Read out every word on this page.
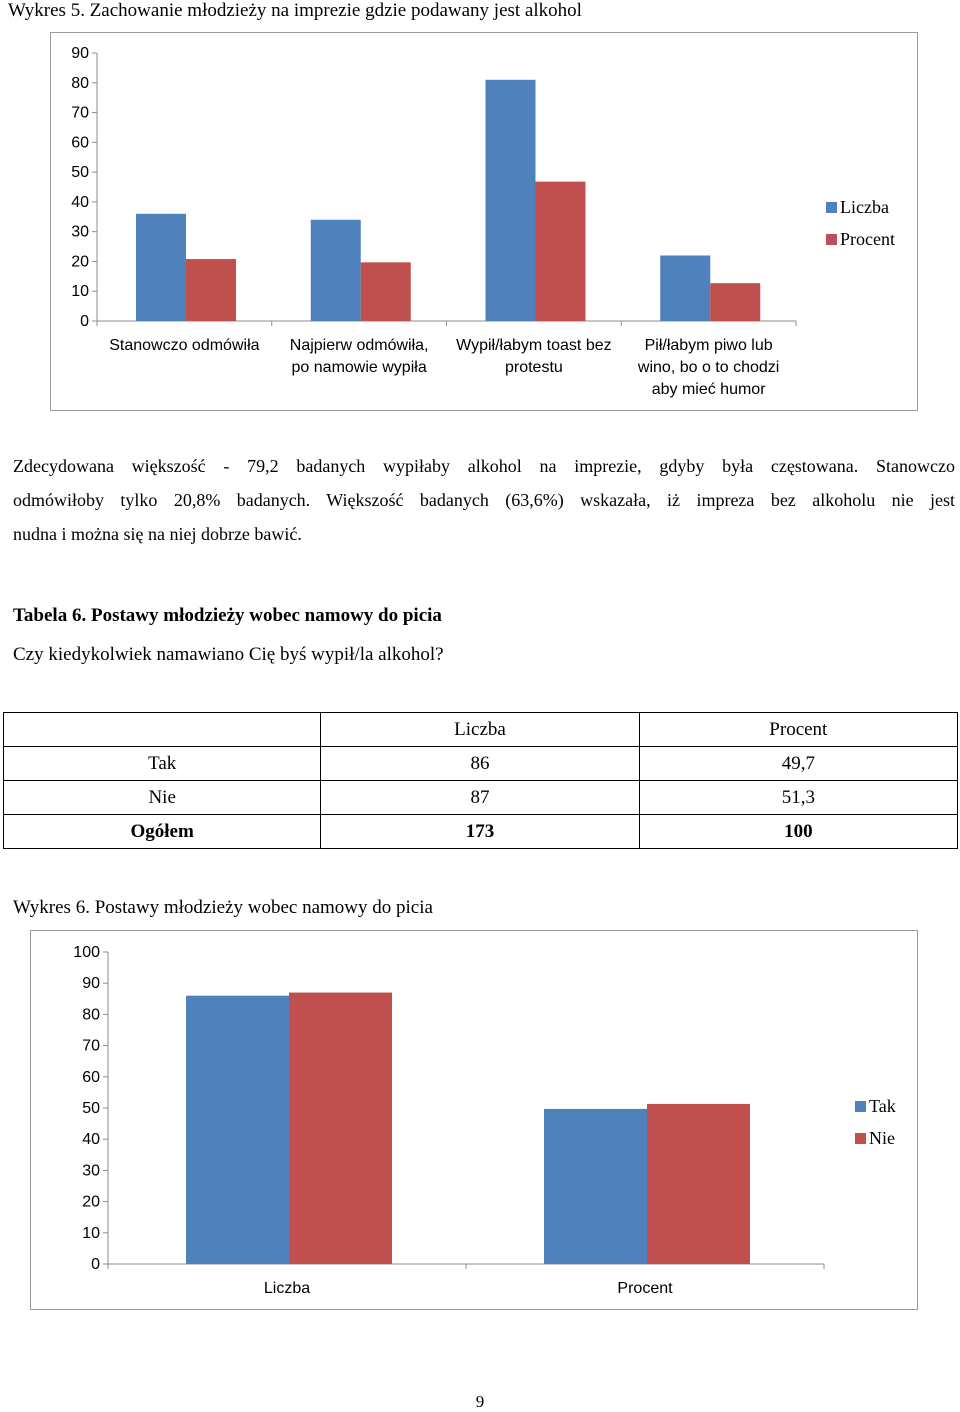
Wykres 5. Zachowanie młodzieży na imprezie gdzie podawany jest alkohol
0
10
20
30
40
50
60
70
80
90
Stanowczo odmówiła Najpierw odmówiła,
po namowie wypiła
Wypił/łabym toast bez
protestu
Pił/łabym piwo lub
wino, bo o to chodzi
aby mieć humor
Liczba
Procent
Zdecydowana większość - 79,2 badanych wypiłaby alkohol na imprezie, gdyby była częstowana. Stanowczo
odmówiłoby tylko 20,8% badanych. Większość badanych (63,6%) wskazała, iż impreza bez alkoholu nie jest
nudna i można się na niej dobrze bawić.
Tabela 6. Postawy młodzieży wobec namowy do picia
Czy kiedykolwiek namawiano Cię byś wypił/la alkohol?
	Liczba	Procent
Tak	86	49,7
Nie	87	51,3
Ogółem	173	100
Wykres 6. Postawy młodzieży wobec namowy do picia
0
10
20
30
40
50
60
70
80
90
100
Liczba	Procent
Tak
Nie
9
